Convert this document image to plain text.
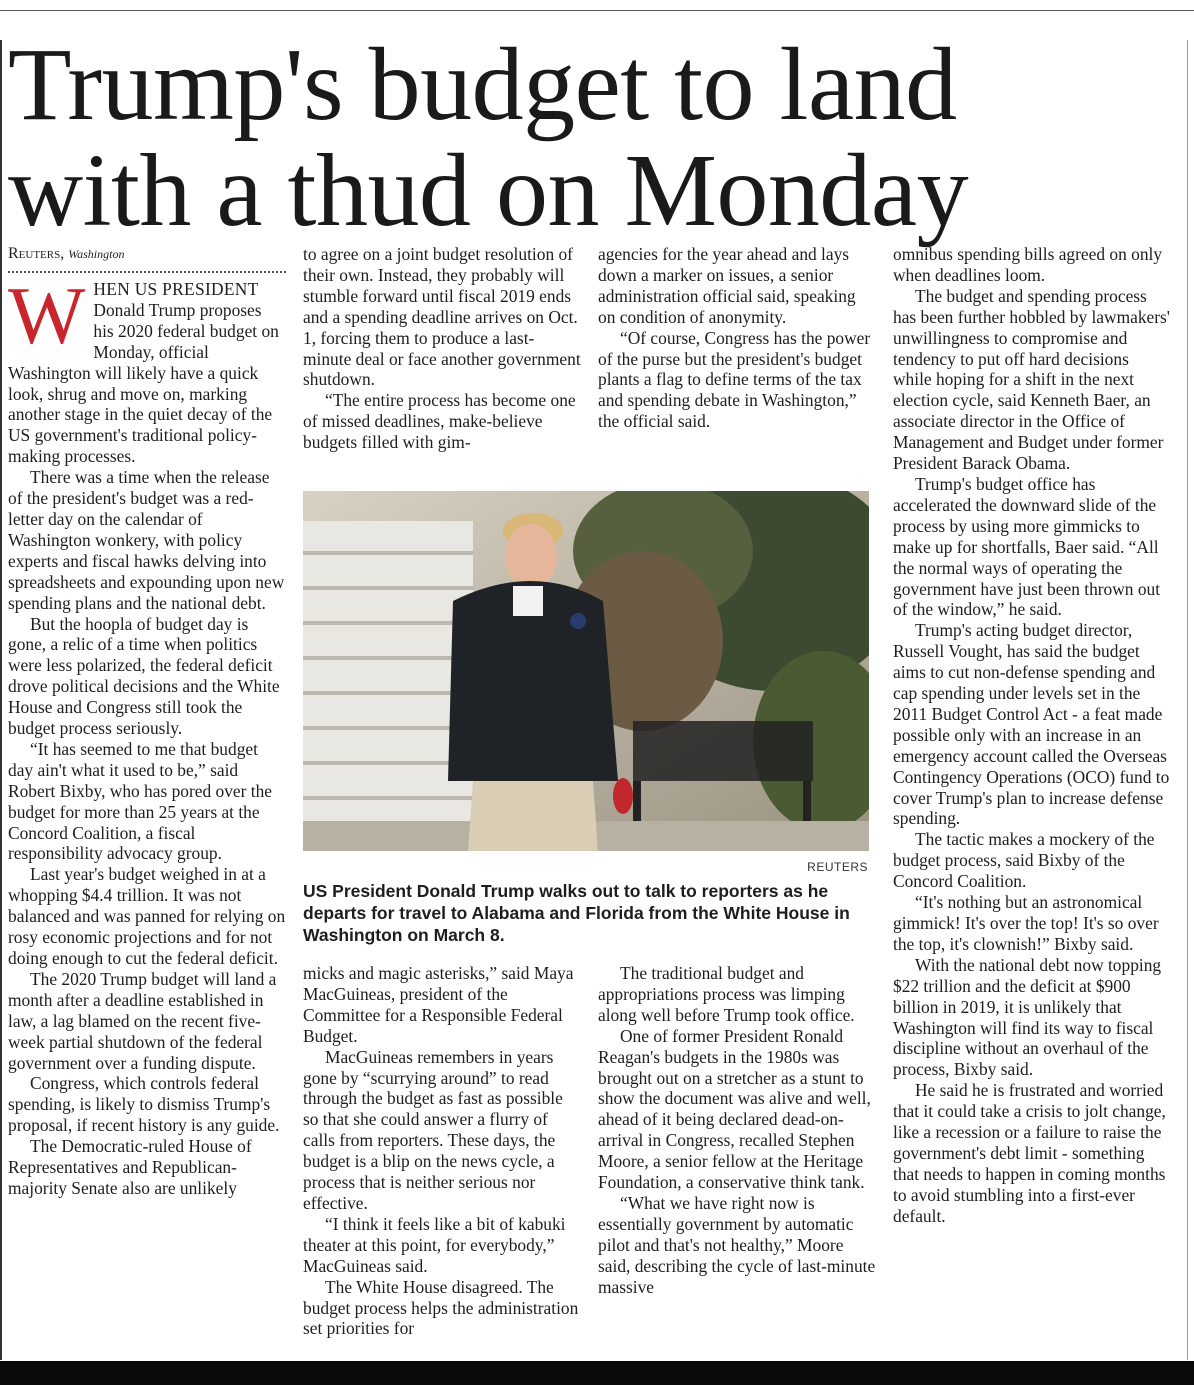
Trump's budget to land
with a thud on Monday
Reuters, Washington

WHEN US PRESIDENT Donald Trump proposes his 2020 federal budget on Monday, official Washington will likely have a quick look, shrug and move on, marking another stage in the quiet decay of the US government's traditional policy-making processes.

There was a time when the release of the president's budget was a red-letter day on the calendar of Washington wonkery, with policy experts and fiscal hawks delving into spreadsheets and expounding upon new spending plans and the national debt.

But the hoopla of budget day is gone, a relic of a time when politics were less polarized, the federal deficit drove political decisions and the White House and Congress still took the budget process seriously.

“It has seemed to me that budget day ain't what it used to be,” said Robert Bixby, who has pored over the budget for more than 25 years at the Concord Coalition, a fiscal responsibility advocacy group.

Last year's budget weighed in at a whopping $4.4 trillion. It was not balanced and was panned for relying on rosy economic projections and for not doing enough to cut the federal deficit.

The 2020 Trump budget will land a month after a deadline established in law, a lag blamed on the recent five-week partial shutdown of the federal government over a funding dispute.

Congress, which controls federal spending, is likely to dismiss Trump's proposal, if recent history is any guide.

The Democratic-ruled House of Representatives and Republican-majority Senate also are unlikely

to agree on a joint budget resolution of their own. Instead, they probably will stumble forward until fiscal 2019 ends and a spending deadline arrives on Oct. 1, forcing them to produce a last-minute deal or face another government shutdown.

“The entire process has become one of missed deadlines, make-believe budgets filled with gim-

agencies for the year ahead and lays down a marker on issues, a senior administration official said, speaking on condition of anonymity.

“Of course, Congress has the power of the purse but the president's budget plants a flag to define terms of the tax and spending debate in Washington,” the official said.

REUTERS
US President Donald Trump walks out to talk to reporters as he departs for travel to Alabama and Florida from the White House in Washington on March 8.

micks and magic asterisks,” said Maya MacGuineas, president of the Committee for a Responsible Federal Budget.

MacGuineas remembers in years gone by “scurrying around” to read through the budget as fast as possible so that she could answer a flurry of calls from reporters. These days, the budget is a blip on the news cycle, a process that is neither serious nor effective.

“I think it feels like a bit of kabuki theater at this point, for everybody,” MacGuineas said.

The White House disagreed. The budget process helps the administration set priorities for

The traditional budget and appropriations process was limping along well before Trump took office.

One of former President Ronald Reagan's budgets in the 1980s was brought out on a stretcher as a stunt to show the document was alive and well, ahead of it being declared dead-on-arrival in Congress, recalled Stephen Moore, a senior fellow at the Heritage Foundation, a conservative think tank.

“What we have right now is essentially government by automatic pilot and that's not healthy,” Moore said, describing the cycle of last-minute massive

omnibus spending bills agreed on only when deadlines loom.

The budget and spending process has been further hobbled by lawmakers' unwillingness to compromise and tendency to put off hard decisions while hoping for a shift in the next election cycle, said Kenneth Baer, an associate director in the Office of Management and Budget under former President Barack Obama.

Trump's budget office has accelerated the downward slide of the process by using more gimmicks to make up for shortfalls, Baer said. “All the normal ways of operating the government have just been thrown out of the window,” he said.

Trump's acting budget director, Russell Vought, has said the budget aims to cut non-defense spending and cap spending under levels set in the 2011 Budget Control Act - a feat made possible only with an increase in an emergency account called the Overseas Contingency Operations (OCO) fund to cover Trump's plan to increase defense spending.

The tactic makes a mockery of the budget process, said Bixby of the Concord Coalition.

“It's nothing but an astronomical gimmick! It's over the top! It's so over the top, it's clownish!” Bixby said.

With the national debt now topping $22 trillion and the deficit at $900 billion in 2019, it is unlikely that Washington will find its way to fiscal discipline without an overhaul of the process, Bixby said.

He said he is frustrated and worried that it could take a crisis to jolt change, like a recession or a failure to raise the government's debt limit - something that needs to happen in coming months to avoid stumbling into a first-ever default.
